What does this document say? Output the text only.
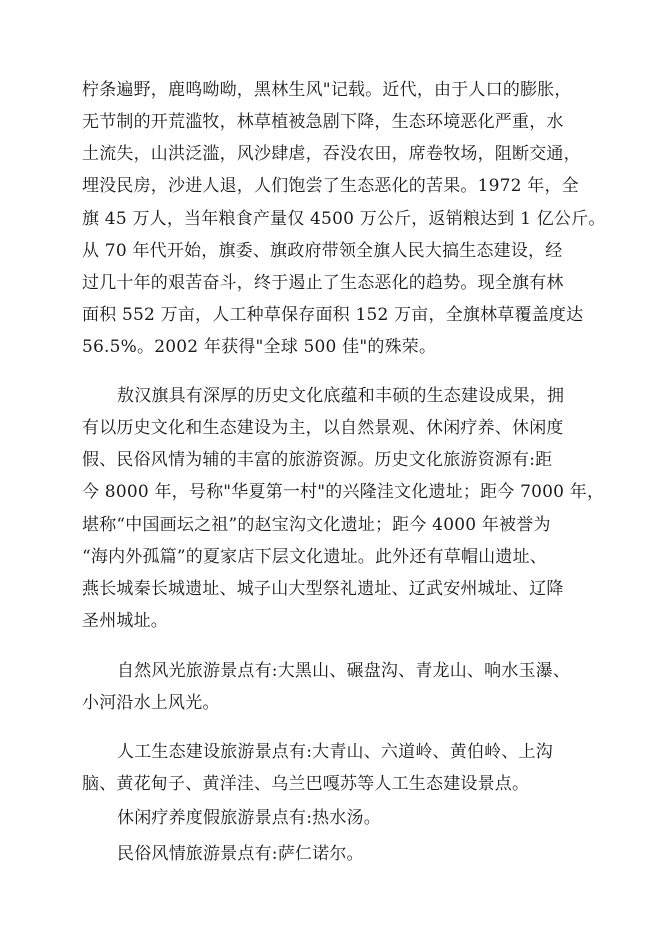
柠条遍野，鹿鸣呦呦，黑林生风"记载。近代，由于人口的膨胀，
无节制的开荒滥牧，林草植被急剧下降，生态环境恶化严重，水
土流失，山洪泛滥，风沙肆虐，吞没农田，席卷牧场，阻断交通，
埋没民房，沙进人退，人们饱尝了生态恶化的苦果。1972 年，全
旗 45 万人，当年粮食产量仅 4500 万公斤，返销粮达到 1 亿公斤。
从 70 年代开始，旗委、旗政府带领全旗人民大搞生态建设，经
过几十年的艰苦奋斗，终于遏止了生态恶化的趋势。现全旗有林
面积 552 万亩，人工种草保存面积 152 万亩，全旗林草覆盖度达
56.5%。2002 年获得"全球 500 佳"的殊荣。
敖汉旗具有深厚的历史文化底蕴和丰硕的生态建设成果，拥
有以历史文化和生态建设为主，以自然景观、休闲疗养、休闲度
假、民俗风情为辅的丰富的旅游资源。历史文化旅游资源有:距
今 8000 年，号称"华夏第一村"的兴隆洼文化遗址；距今 7000 年，
堪称“中国画坛之祖”的赵宝沟文化遗址；距今 4000 年被誉为
“海内外孤篇”的夏家店下层文化遗址。此外还有草帽山遗址、
燕长城秦长城遗址、城子山大型祭礼遗址、辽武安州城址、辽降
圣州城址。
自然风光旅游景点有:大黑山、碾盘沟、青龙山、响水玉瀑、
小河沿水上风光。
人工生态建设旅游景点有:大青山、六道岭、黄伯岭、上沟
脑、黄花甸子、黄洋洼、乌兰巴嘎苏等人工生态建设景点。
休闲疗养度假旅游景点有:热水汤。
民俗风情旅游景点有:萨仁诺尔。
